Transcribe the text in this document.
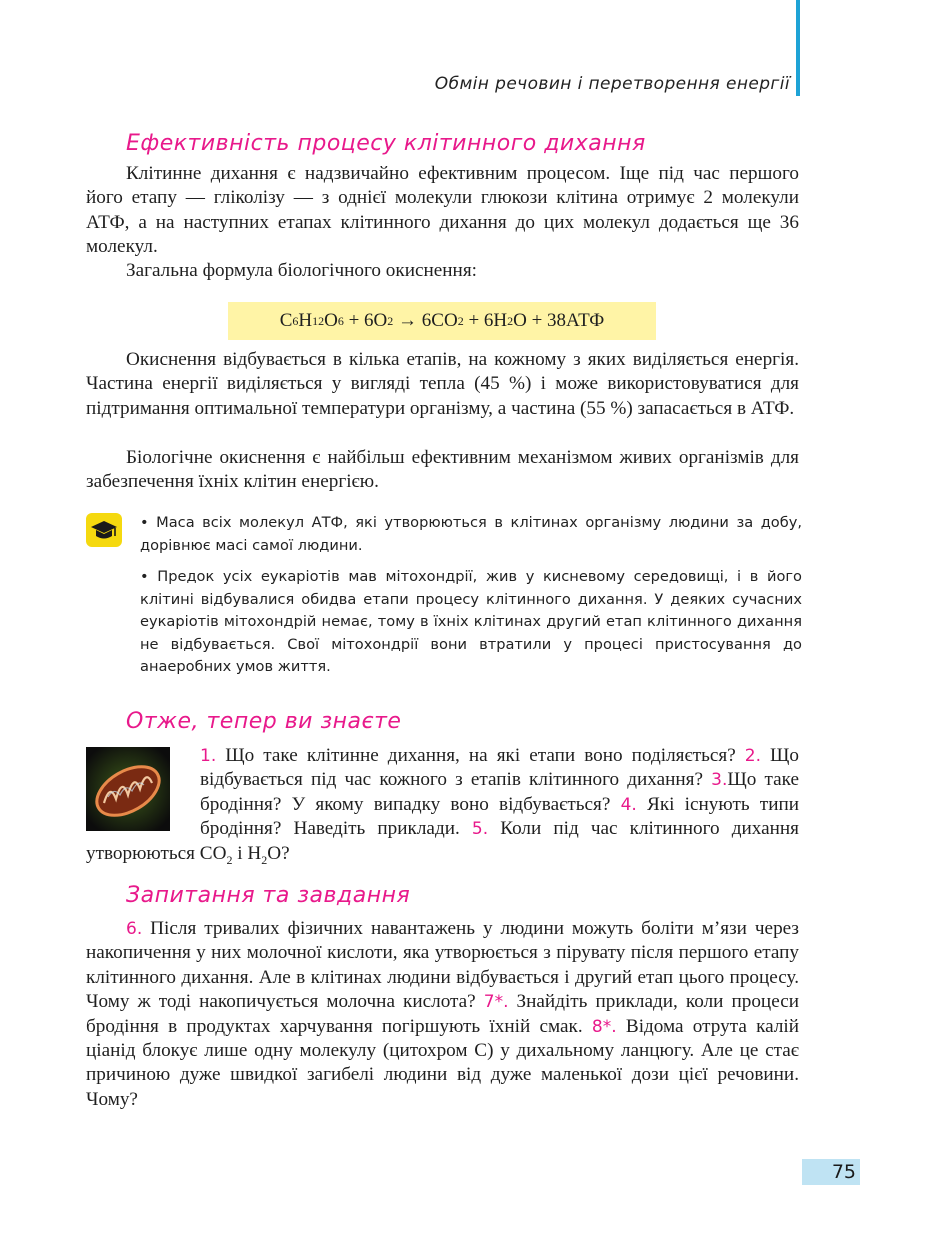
Обмін речовин і перетворення енергії
Ефективність процесу клітинного дихання

Клітинне дихання є надзвичайно ефективним процесом. Іще під час першого його етапу — гліколізу — з однієї молекули глюкози клітина отримує 2 молекули АТФ, а на наступних етапах клітинного дихання до цих молекул додається ще 36 молекул.

Загальна формула біологічного окиснення:

C 6 H 12 O 6 + 6O 2 → 6CO 2 + 6H 2 O + 38АТФ

Окиснення відбувається в кілька етапів, на кожному з яких виділяється енергія. Частина енергії виділяється у вигляді тепла (45 %) і може використовуватися для підтримання оптимальної температури організму, а частина (55 %) запасається в АТФ.

Біологічне окиснення є найбільш ефективним механізмом живих організмів для забезпечення їхніх клітин енергією.

• Маса всіх молекул АТФ, які утворюються в клітинах організму людини за добу, дорівнює масі самої людини.

• Предок усіх еукаріотів мав мітохондрії, жив у кисневому середовищі, і в його клітині відбувалися обидва етапи процесу клітинного дихання. У деяких сучасних еукаріотів мітохондрій немає, тому в їхніх клітинах другий етап клітинного дихання не відбувається. Свої мітохондрії вони втратили у процесі пристосування до анаеробних умов життя.

Отже, тепер ви знаєте

1. Що таке клітинне дихання, на які етапи воно поділяється? 2. Що відбувається під час кожного з етапів клітинного дихання? 3.Що таке бродіння? У якому випадку воно відбувається? 4. Які існують типи бродіння? Наведіть приклади. 5. Коли під час клітинного дихання утворюються $CO_2$ і $H_2O$?

Запитання та завдання

6. Після тривалих фізичних навантажень у людини можуть боліти м’язи через накопичення у них молочної кислоти, яка утворюється з пірувату після першого етапу клітинного дихання. Але в клітинах людини відбувається і другий етап цього процесу. Чому ж тоді накопичується молочна кислота? 7*. Знайдіть приклади, коли процеси бродіння в продуктах харчування погіршують їхній смак. 8*. Відома отрута калій ціанід блокує лише одну молекулу (цитохром C) у дихальному ланцюгу. Але це стає причиною дуже швидкої загибелі людини від дуже маленької дози цієї речовини. Чому?

75
